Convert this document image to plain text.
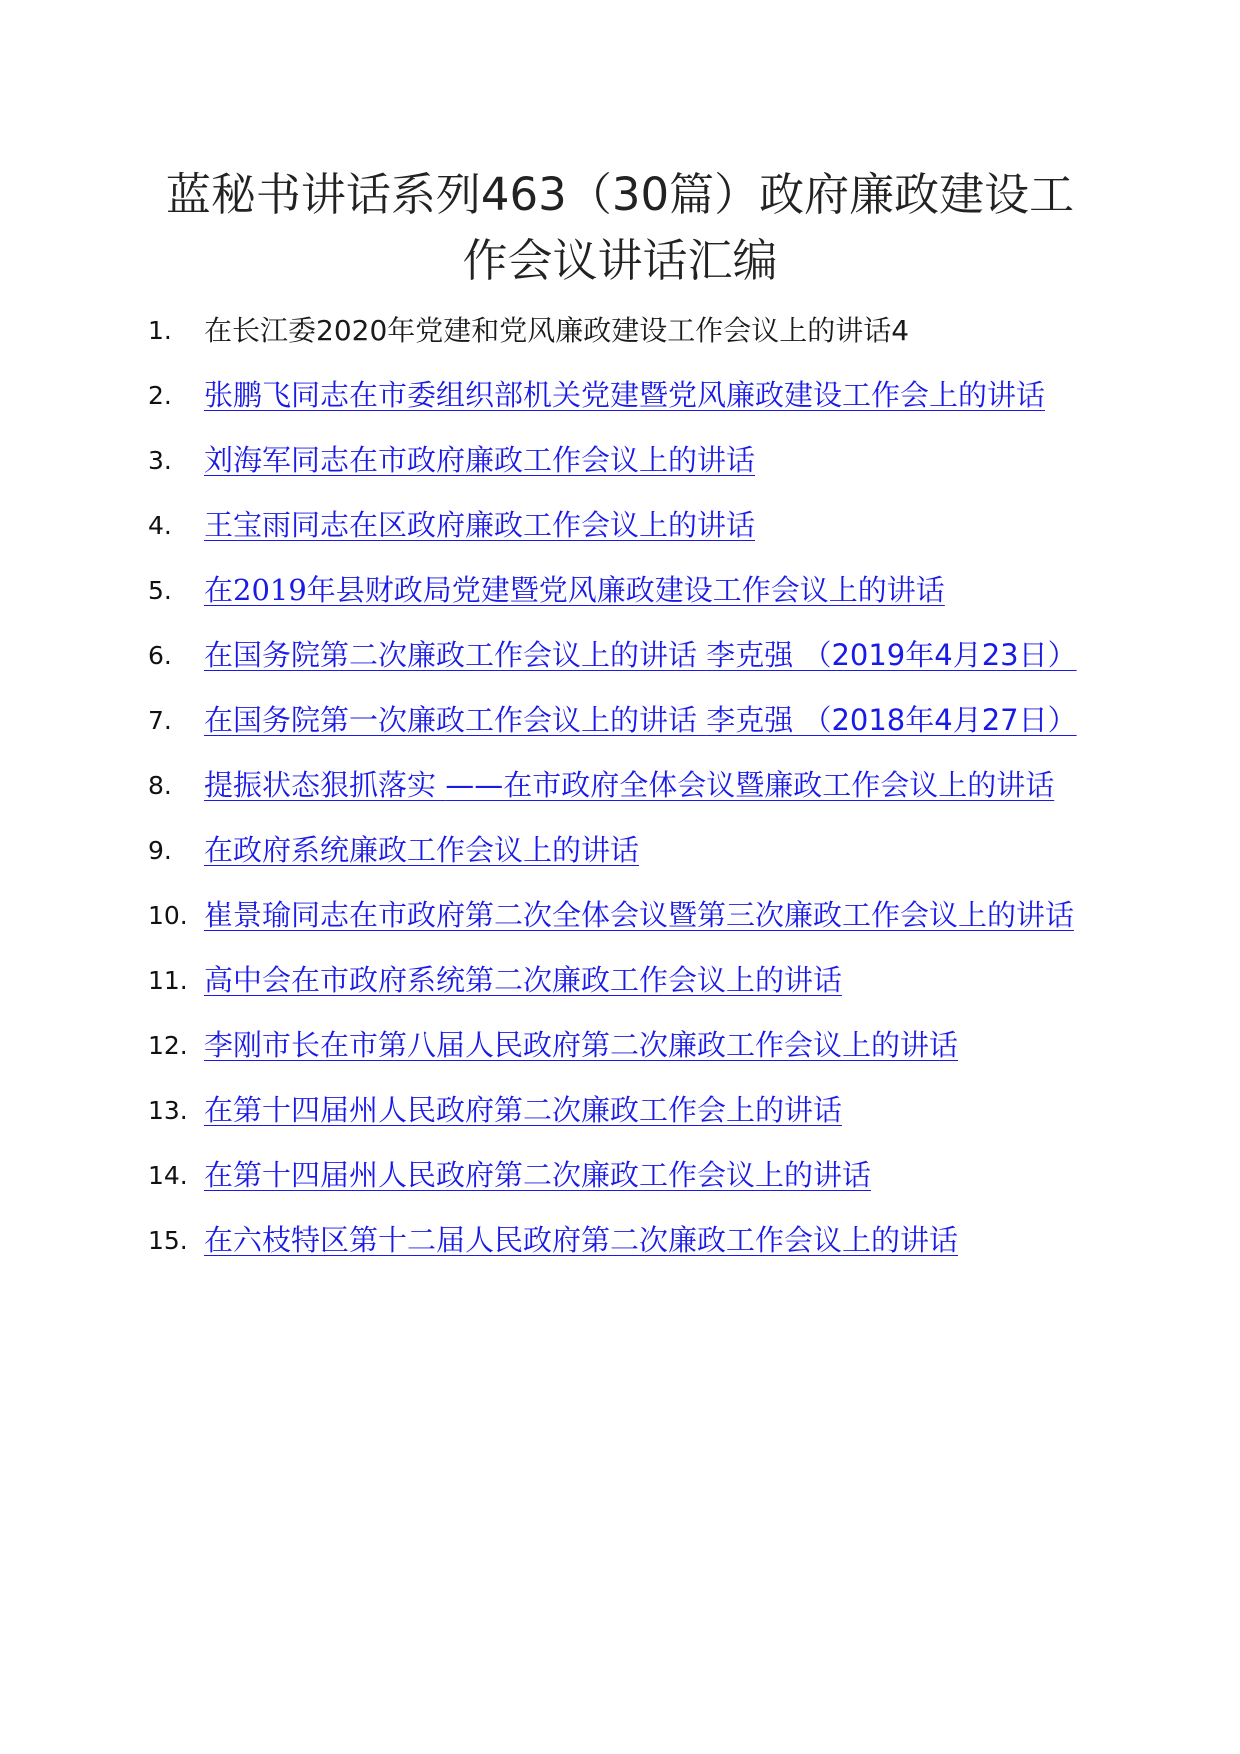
蓝秘书讲话系列463（30篇）政府廉政建设工作会议讲话汇编
1.	在长江委2020年党建和党风廉政建设工作会议上的讲话4
2.	张鹏飞同志在市委组织部机关党建暨党风廉政建设工作会上的讲话
3.	刘海军同志在市政府廉政工作会议上的讲话
4.	王宝雨同志在区政府廉政工作会议上的讲话
5.	在2019年县财政局党建暨党风廉政建设工作会议上的讲话
6.	在国务院第二次廉政工作会议上的讲话 李克强 （2019年4月23日）
7.	在国务院第一次廉政工作会议上的讲话 李克强 （2018年4月27日）
8.	提振状态狠抓落实 ——在市政府全体会议暨廉政工作会议上的讲话
9.	在政府系统廉政工作会议上的讲话
10. 崔景瑜同志在市政府第二次全体会议暨第三次廉政工作会议上的讲话
11. 高中会在市政府系统第二次廉政工作会议上的讲话
12. 李刚市长在市第八届人民政府第二次廉政工作会议上的讲话
13. 在第十四届州人民政府第二次廉政工作会上的讲话
14. 在第十四届州人民政府第二次廉政工作会议上的讲话
15. 在六枝特区第十二届人民政府第二次廉政工作会议上的讲话
